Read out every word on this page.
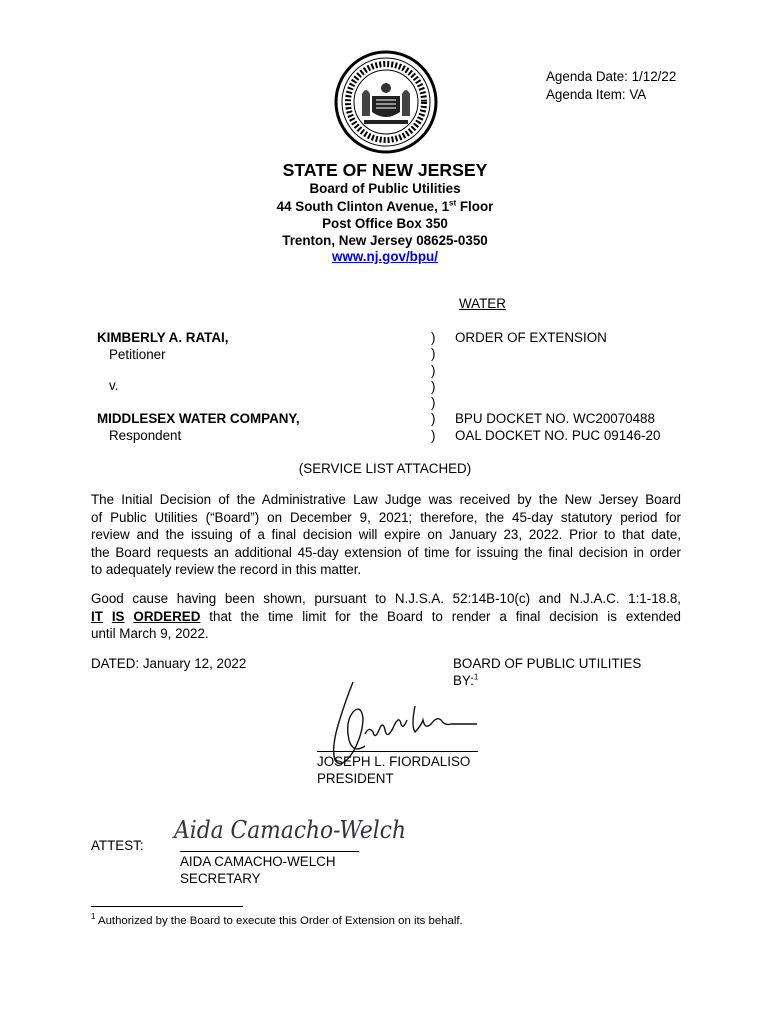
Agenda Date: 1/12/22
Agenda Item: VA
STATE OF NEW JERSEY
Board of Public Utilities
44 South Clinton Avenue, 1st Floor
Post Office Box 350
Trenton, New Jersey 08625-0350
www.nj.gov/bpu/
WATER
KIMBERLY A. RATAI,
Petitioner
v.
MIDDLESEX WATER COMPANY,
Respondent
)
)
)
)
)
)
)
ORDER OF EXTENSION
BPU DOCKET NO. WC20070488
OAL DOCKET NO. PUC 09146-20
(SERVICE LIST ATTACHED)
The Initial Decision of the Administrative Law Judge was received by the New Jersey Board
of Public Utilities (“Board”) on December 9, 2021; therefore, the 45-day statutory period for
review and the issuing of a final decision will expire on January 23, 2022. Prior to that date,
the Board requests an additional 45-day extension of time for issuing the final decision in order
to adequately review the record in this matter.
Good cause having been shown, pursuant to N.J.S.A. 52:14B-10(c) and N.J.A.C. 1:1-18.8,
IT IS ORDERED that the time limit for the Board to render a final decision is extended
until March 9, 2022.
DATED: January 12, 2022	BOARD OF PUBLIC UTILITIES
BY:$^1$
JOSEPH L. FIORDALISO
PRESIDENT
ATTEST:
Aida Camacho-Welch
AIDA CAMACHO-WELCH
SECRETARY
$^1$ Authorized by the Board to execute this Order of Extension on its behalf.
